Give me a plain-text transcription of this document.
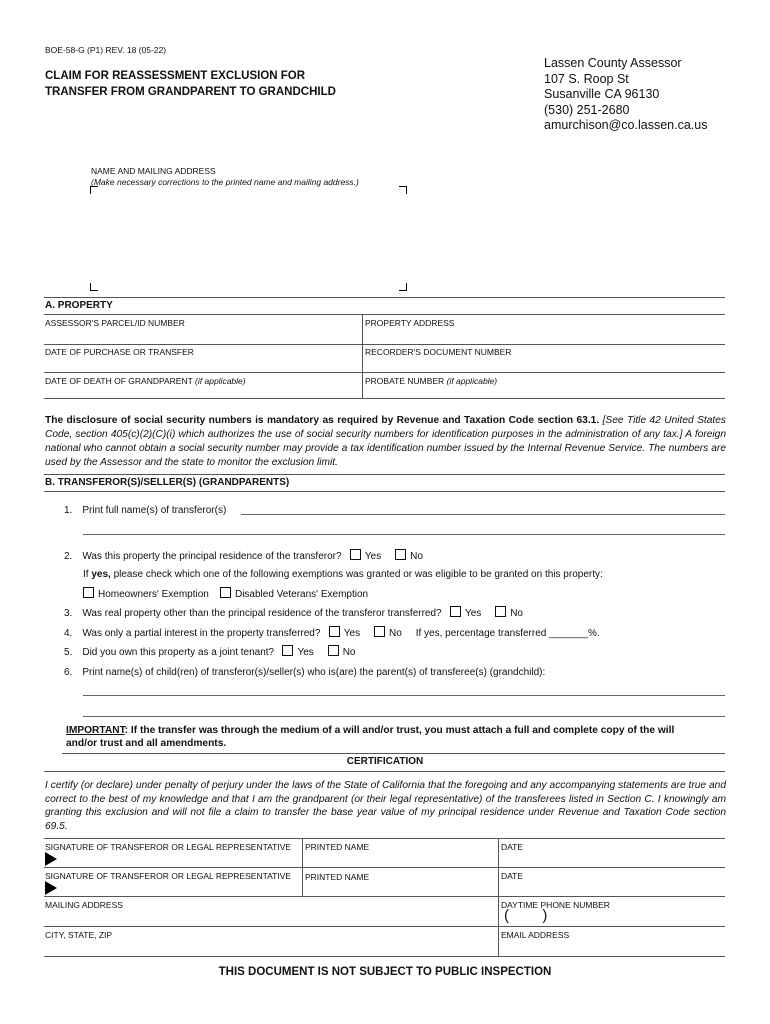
BOE-58-G (P1) REV. 18 (05-22)
CLAIM FOR REASSESSMENT EXCLUSION FOR
TRANSFER FROM GRANDPARENT TO GRANDCHILD
Lassen County Assessor
107 S. Roop St
Susanville CA 96130
(530) 251-2680
amurchison@co.lassen.ca.us
NAME AND MAILING ADDRESS
(Make necessary corrections to the printed name and mailing address.)
A. PROPERTY
ASSESSOR'S PARCEL/ID NUMBER	PROPERTY ADDRESS
DATE OF PURCHASE OR TRANSFER	RECORDER'S DOCUMENT NUMBER
DATE OF DEATH OF GRANDPARENT (if applicable)	PROBATE NUMBER (if applicable)
The disclosure of social security numbers is mandatory as required by Revenue and Taxation Code section 63.1. [See Title 42 United States Code, section 405(c)(2)(C)(i) which authorizes the use of social security numbers for identification purposes in the administration of any tax.] A foreign national who cannot obtain a social security number may provide a tax identification number issued by the Internal Revenue Service. The numbers are used by the Assessor and the state to monitor the exclusion limit.
B. TRANSFEROR(S)/SELLER(S) (GRANDPARENTS)
1. Print full name(s) of transferor(s)
2. Was this property the principal residence of the transferor? Yes	No
If yes, please check which one of the following exemptions was granted or was eligible to be granted on this property:
Homeowners' Exemption	Disabled Veterans' Exemption
3. Was real property other than the principal residence of the transferor transferred? Yes	No
4. Was only a partial interest in the property transferred? Yes	No If yes, percentage transferred _______%.
5. Did you own this property as a joint tenant? Yes	No
6. Print name(s) of child(ren) of transferor(s)/seller(s) who is(are) the parent(s) of transferee(s) (grandchild):
IMPORTANT: If the transfer was through the medium of a will and/or trust, you must attach a full and complete copy of the will
and/or trust and all amendments.
CERTIFICATION
I certify (or declare) under penalty of perjury under the laws of the State of California that the foregoing and any accompanying statements are true and correct to the best of my knowledge and that I am the grandparent (or their legal representative) of the transferees listed in Section C. I knowingly am granting this exclusion and will not file a claim to transfer the base year value of my principal residence under Revenue and Taxation Code section 69.5.
SIGNATURE OF TRANSFEROR OR LEGAL REPRESENTATIVE PRINTED NAME	DATE
SIGNATURE OF TRANSFEROR OR LEGAL REPRESENTATIVE PRINTED NAME	DATE
MAILING ADDRESS	DAYTIME PHONE NUMBER
(        )
CITY, STATE, ZIP	EMAIL ADDRESS
THIS DOCUMENT IS NOT SUBJECT TO PUBLIC INSPECTION
